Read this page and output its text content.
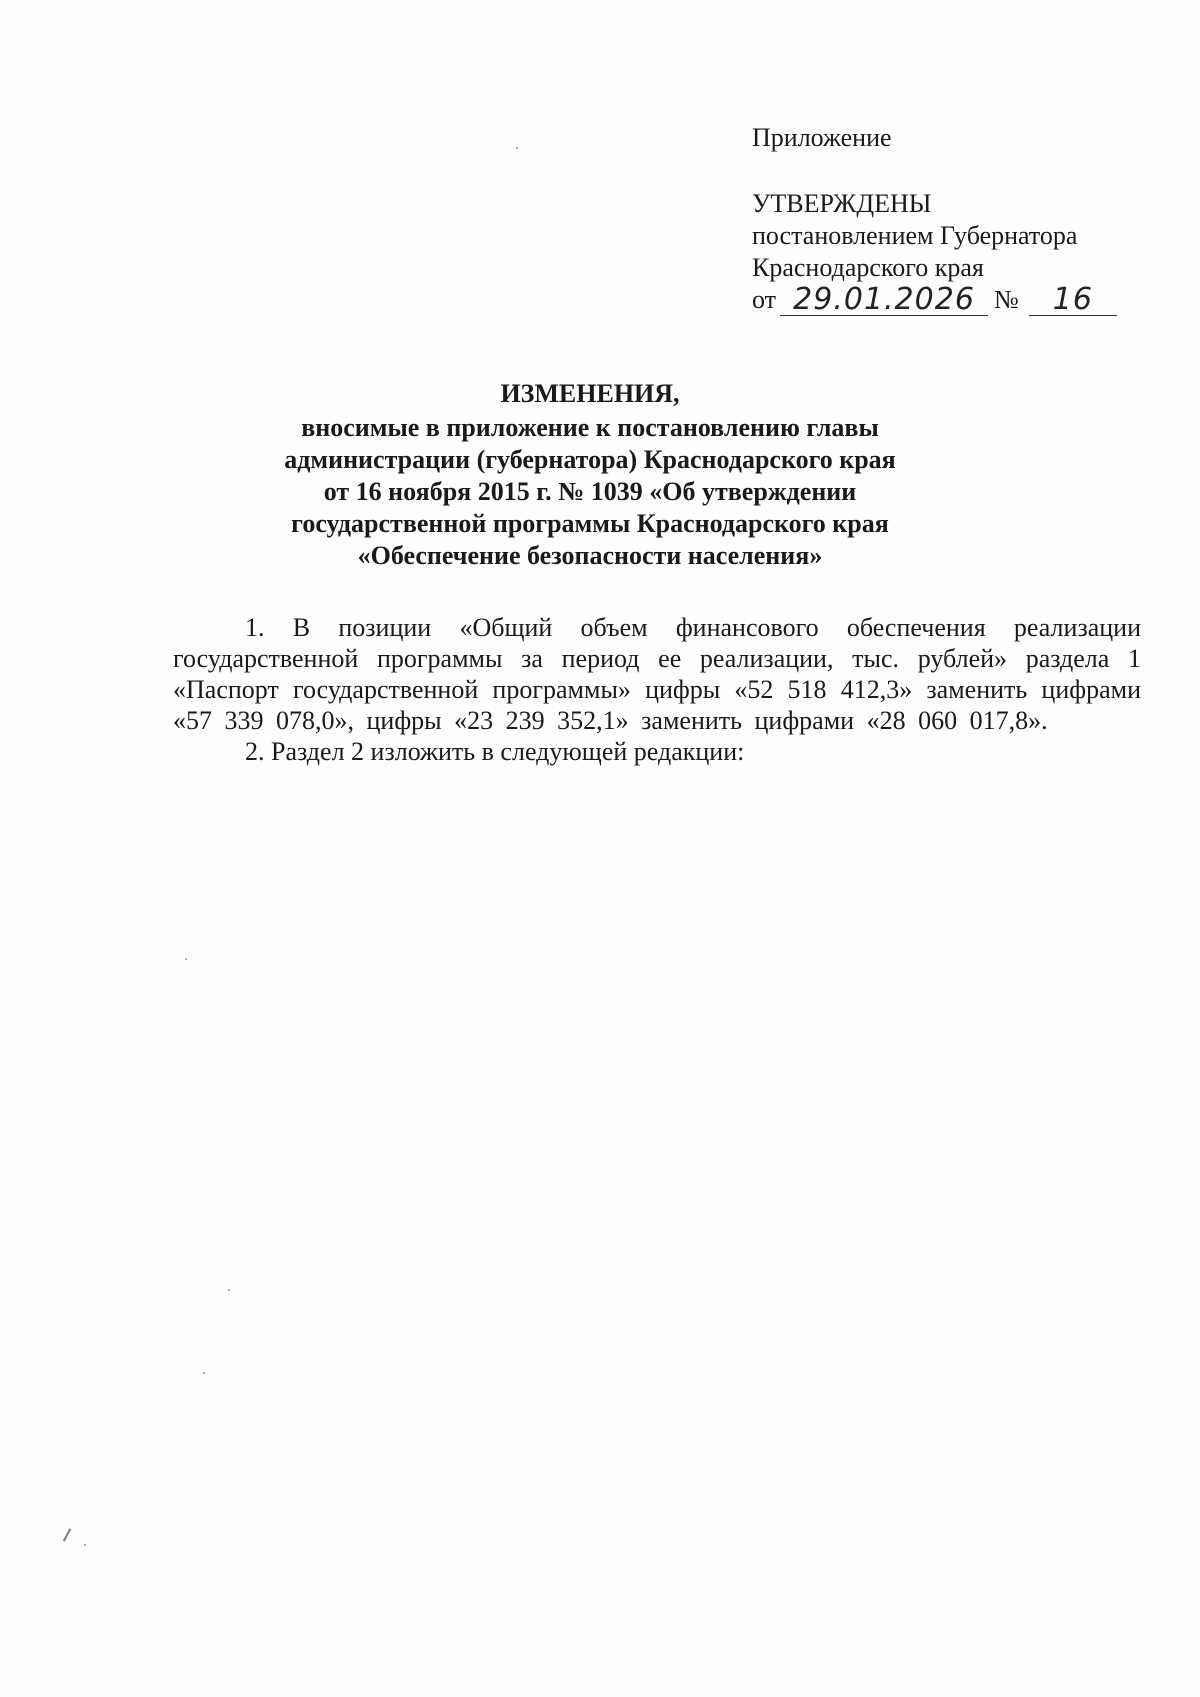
Приложение
УТВЕРЖДЕНЫ
постановлением Губернатора
Краснодарского края
от 29.01.2026 №	16
ИЗМЕНЕНИЯ,
вносимые в приложение к постановлению главы
администрации (губернатора) Краснодарского края
от 16 ноября 2015 г. № 1039 «Об утверждении
государственной программы Краснодарского края
«Обеспечение безопасности населения»

1. В позиции «Общий объем финансового обеспечения реализации государственной программы за период ее реализации, тыс. рублей» раздела 1 «Паспорт государственной программы» цифры «52 518 412,3» заменить цифрами «57 339 078,0», цифры «23 239 352,1» заменить цифрами «28 060 017,8».

2. Раздел 2 изложить в следующей редакции:
